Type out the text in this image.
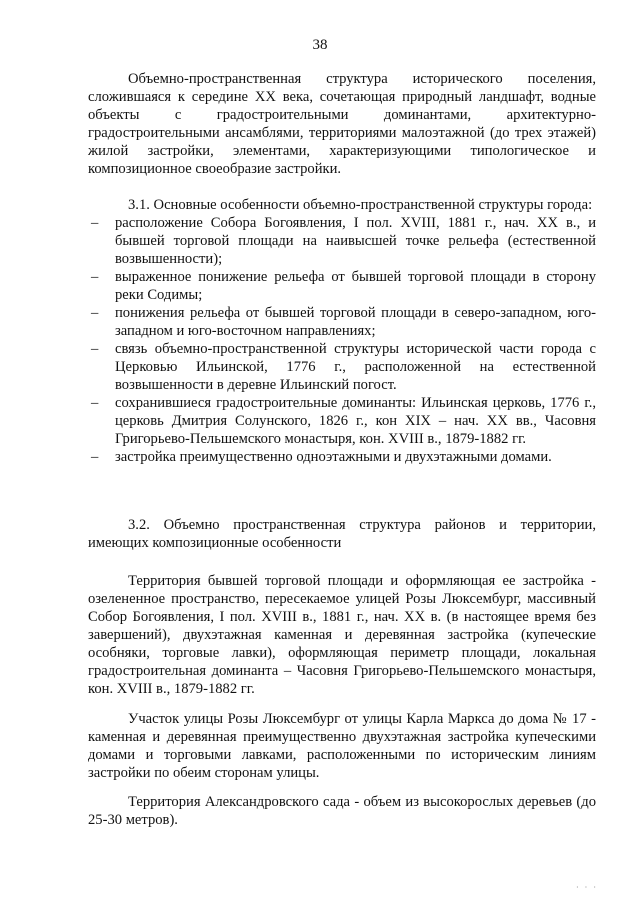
38

Объемно-пространственная структура исторического поселения, сложившаяся к середине XX века, сочетающая природный ландшафт, водные объекты с градостроительными доминантами, архитектурно-градостроительными ансамблями, территориями малоэтажной (до трех этажей) жилой застройки, элементами, характеризующими типологическое и композиционное своеобразие застройки.

3.1. Основные особенности объемно-пространственной структуры города:

– расположение Собора Богоявления, I пол. XVIII, 1881 г., нач. XX в., и бывшей торговой площади на наивысшей точке рельефа (естественной возвышенности);
– выраженное понижение рельефа от бывшей торговой площади в сторону реки Содимы;
– понижения рельефа от бывшей торговой площади в северо-западном, юго-западном и юго-восточном направлениях;
– связь объемно-пространственной структуры исторической части города с Церковью Ильинской, 1776 г., расположенной на естественной возвышенности в деревне Ильинский погост.
– сохранившиеся градостроительные доминанты: Ильинская церковь, 1776 г., церковь Дмитрия Солунского, 1826 г., кон XIX – нач. XX вв., Часовня Григорьево-Пельшемского монастыря, кон. XVIII в., 1879-1882 гг.
– застройка преимущественно одноэтажными и двухэтажными домами.

3.2. Объемно пространственная структура районов и территории, имеющих композиционные особенности

Территория бывшей торговой площади и оформляющая ее застройка - озелененное пространство, пересекаемое улицей Розы Люксембург, массивный Собор Богоявления, I пол. XVIII в., 1881 г., нач. XX в. (в настоящее время без завершений), двухэтажная каменная и деревянная застройка (купеческие особняки, торговые лавки), оформляющая периметр площади, локальная градостроительная доминанта – Часовня Григорьево-Пельшемского монастыря, кон. XVIII в., 1879-1882 гг.

Участок улицы Розы Люксембург от улицы Карла Маркса до дома № 17 - каменная и деревянная преимущественно двухэтажная застройка купеческими домами и торговыми лавками, расположенными по историческим линиям застройки по обеим сторонам улицы.

Территория Александровского сада - объем из высокорослых деревьев (до 25-30 метров).

· · ·
